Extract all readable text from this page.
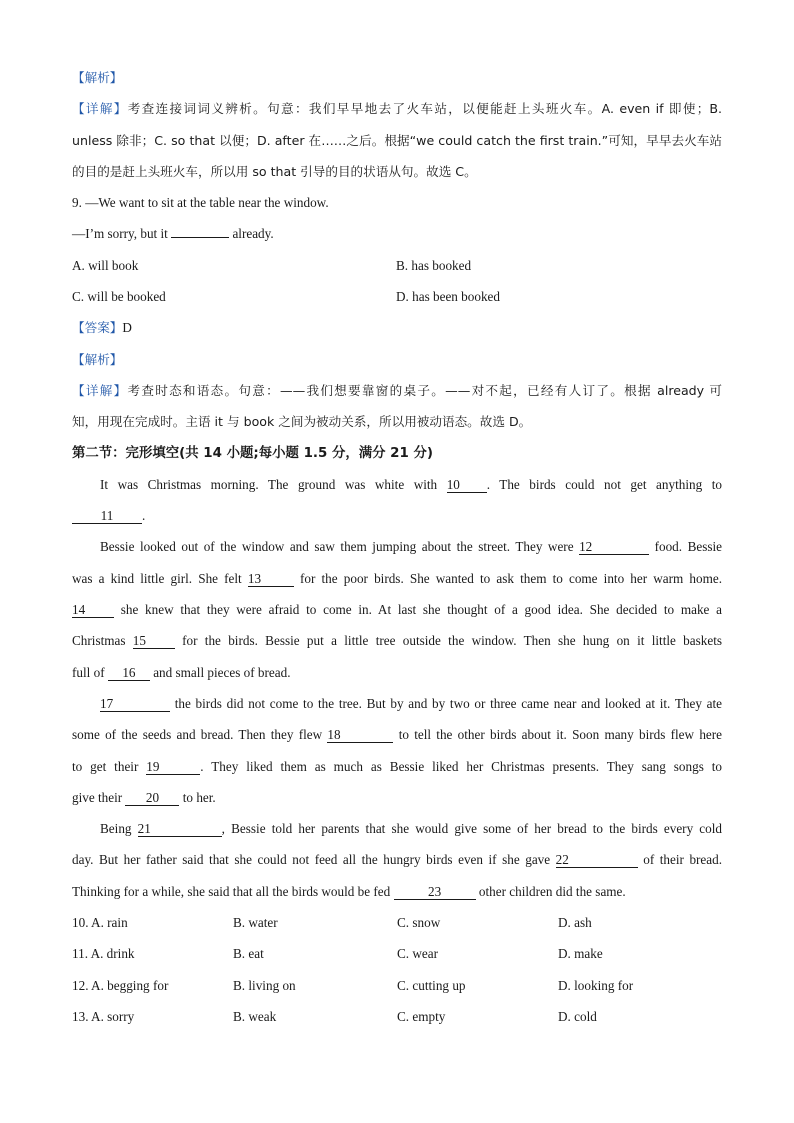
【解析】
【详解】考查连接词词义辨析。句意：我们早早地去了火车站，以便能赶上头班火车。A. even if 即使；B.
unless 除非；C. so that 以便；D. after 在……之后。根据“we could catch the first train.”可知，早早去火车站
的目的是赶上头班火车，所以用 so that 引导的目的状语从句。故选 C。
9. —We want to sit at the table near the window.
—I’m sorry, but it	already.
A. will book	B. has booked
C. will be booked	D. has been booked
【答案】D
【解析】
【详解】考查时态和语态。句意：——我们想要靠窗的桌子。——对不起，已经有人订了。根据 already 可
知，用现在完成时。主语 it 与 book 之间为被动关系，所以用被动语态。故选 D。
第二节：完形填空(共 14 小题;每小题 1.5 分，满分 21 分)
It was Christmas morning. The ground was white with 10 . The birds could not get anything to
11 .
Bessie looked out of the window and saw them jumping about the street. They were 12	food. Bessie
was a kind little girl. She felt 13	for the poor birds. She wanted to ask them to come into her warm home.
14	she knew that they were afraid to come in. At last she thought of a good idea. She decided to make a
Christmas 15	for the birds. Bessie put a little tree outside the window. Then she hung on it little baskets
full of 16 and small pieces of bread.
17	the birds did not come to the tree. But by and by two or three came near and looked at it. They ate
some of the seeds and bread. Then they flew 18	to tell the other birds about it. Soon many birds flew here
to get their 19	. They liked them as much as Bessie liked her Christmas presents. They sang songs to
give their 20 to her.
Being 21	, Bessie told her parents that she would give some of her bread to the birds every cold
day. But her father said that she could not feed all the hungry birds even if she gave 22	of their bread.
Thinking for a while, she said that all the birds would be fed	23	other children did the same.
10. A. rain	B. water	C. snow	D. ash
11. A. drink	B. eat	C. wear	D. make
12. A. begging for	B. living on	C. cutting up	D. looking for
13. A. sorry	B. weak	C. empty	D. cold
